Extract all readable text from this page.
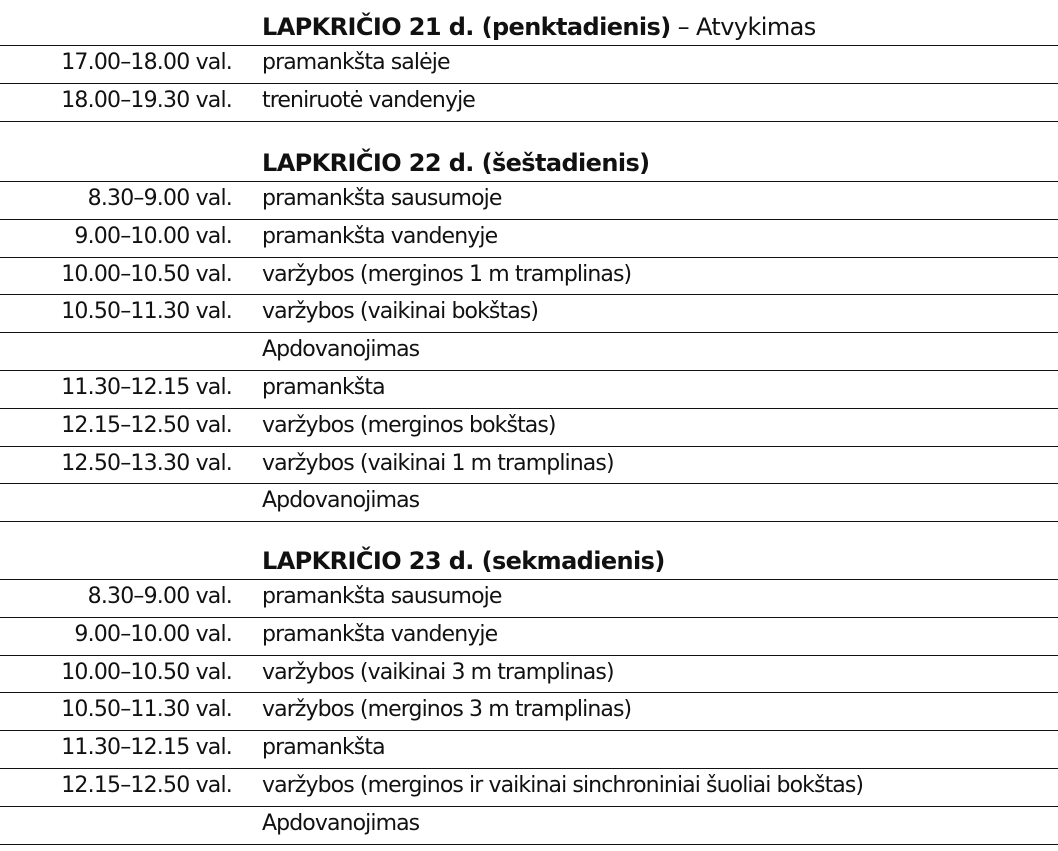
LAPKRIČIO 21 d. (penktadienis) – Atvykimas
17.00–18.00 val. pramankšta salėje
18.00–19.30 val. treniruotė vandenyje
LAPKRIČIO 22 d. (šeštadienis)
8.30–9.00 val. pramankšta sausumoje
9.00–10.00 val. pramankšta vandenyje
10.00–10.50 val. varžybos (merginos 1 m tramplinas)
10.50–11.30 val. varžybos (vaikinai bokštas)
Apdovanojimas
11.30–12.15 val. pramankšta
12.15–12.50 val. varžybos (merginos bokštas)
12.50–13.30 val. varžybos (vaikinai 1 m tramplinas)
Apdovanojimas
LAPKRIČIO 23 d. (sekmadienis)
8.30–9.00 val. pramankšta sausumoje
9.00–10.00 val. pramankšta vandenyje
10.00–10.50 val. varžybos (vaikinai 3 m tramplinas)
10.50–11.30 val. varžybos (merginos 3 m tramplinas)
11.30–12.15 val. pramankšta
12.15–12.50 val. varžybos (merginos ir vaikinai sinchroniniai šuoliai bokštas)
Apdovanojimas
